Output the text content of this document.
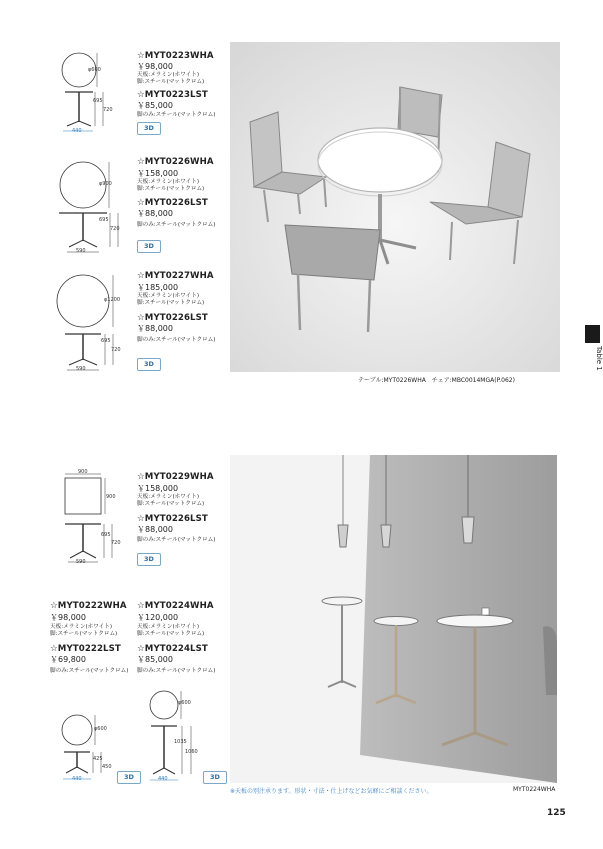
Table 1
φ600
695
720
440
☆MYT0223WHA
￥98,000
天板:メラミン(ホワイト)
脚:スチール(マットクロム)
☆MYT0223LST
￥85,000
脚のみ:スチール(マットクロム)
3D
φ900
695
720
590
☆MYT0226WHA
￥158,000
天板:メラミン(ホワイト)
脚:スチール(マットクロム)
☆MYT0226LST
￥88,000
脚のみ:スチール(マットクロム)
3D
φ1200
695
720
590
☆MYT0227WHA
￥185,000
天板:メラミン(ホワイト)
脚:スチール(マットクロム)
☆MYT0226LST
￥88,000
脚のみ:スチール(マットクロム)
3D
テーブル:MYT0226WHA　チェア:MBC0014MGA(P.062)
900
900
695
720
590
☆MYT0229WHA
￥158,000
天板:メラミン(ホワイト)
脚:スチール(マットクロム)
☆MYT0226LST
￥88,000
脚のみ:スチール(マットクロム)
3D
☆MYT0222WHA
￥98,000
天板:メラミン(ホワイト)
脚:スチール(マットクロム)
☆MYT0222LST
￥69,800
脚のみ:スチール(マットクロム)
φ600
425
450
440	3D
☆MYT0224WHA
￥120,000
天板:メラミン(ホワイト)
脚:スチール(マットクロム)
☆MYT0224LST
￥85,000
脚のみ:スチール(マットクロム)
φ600
1035
1060
440	3D
※天板の別注承ります。形状・寸法・仕上げなどお気軽にご相談ください。	MYT0224WHA
125
